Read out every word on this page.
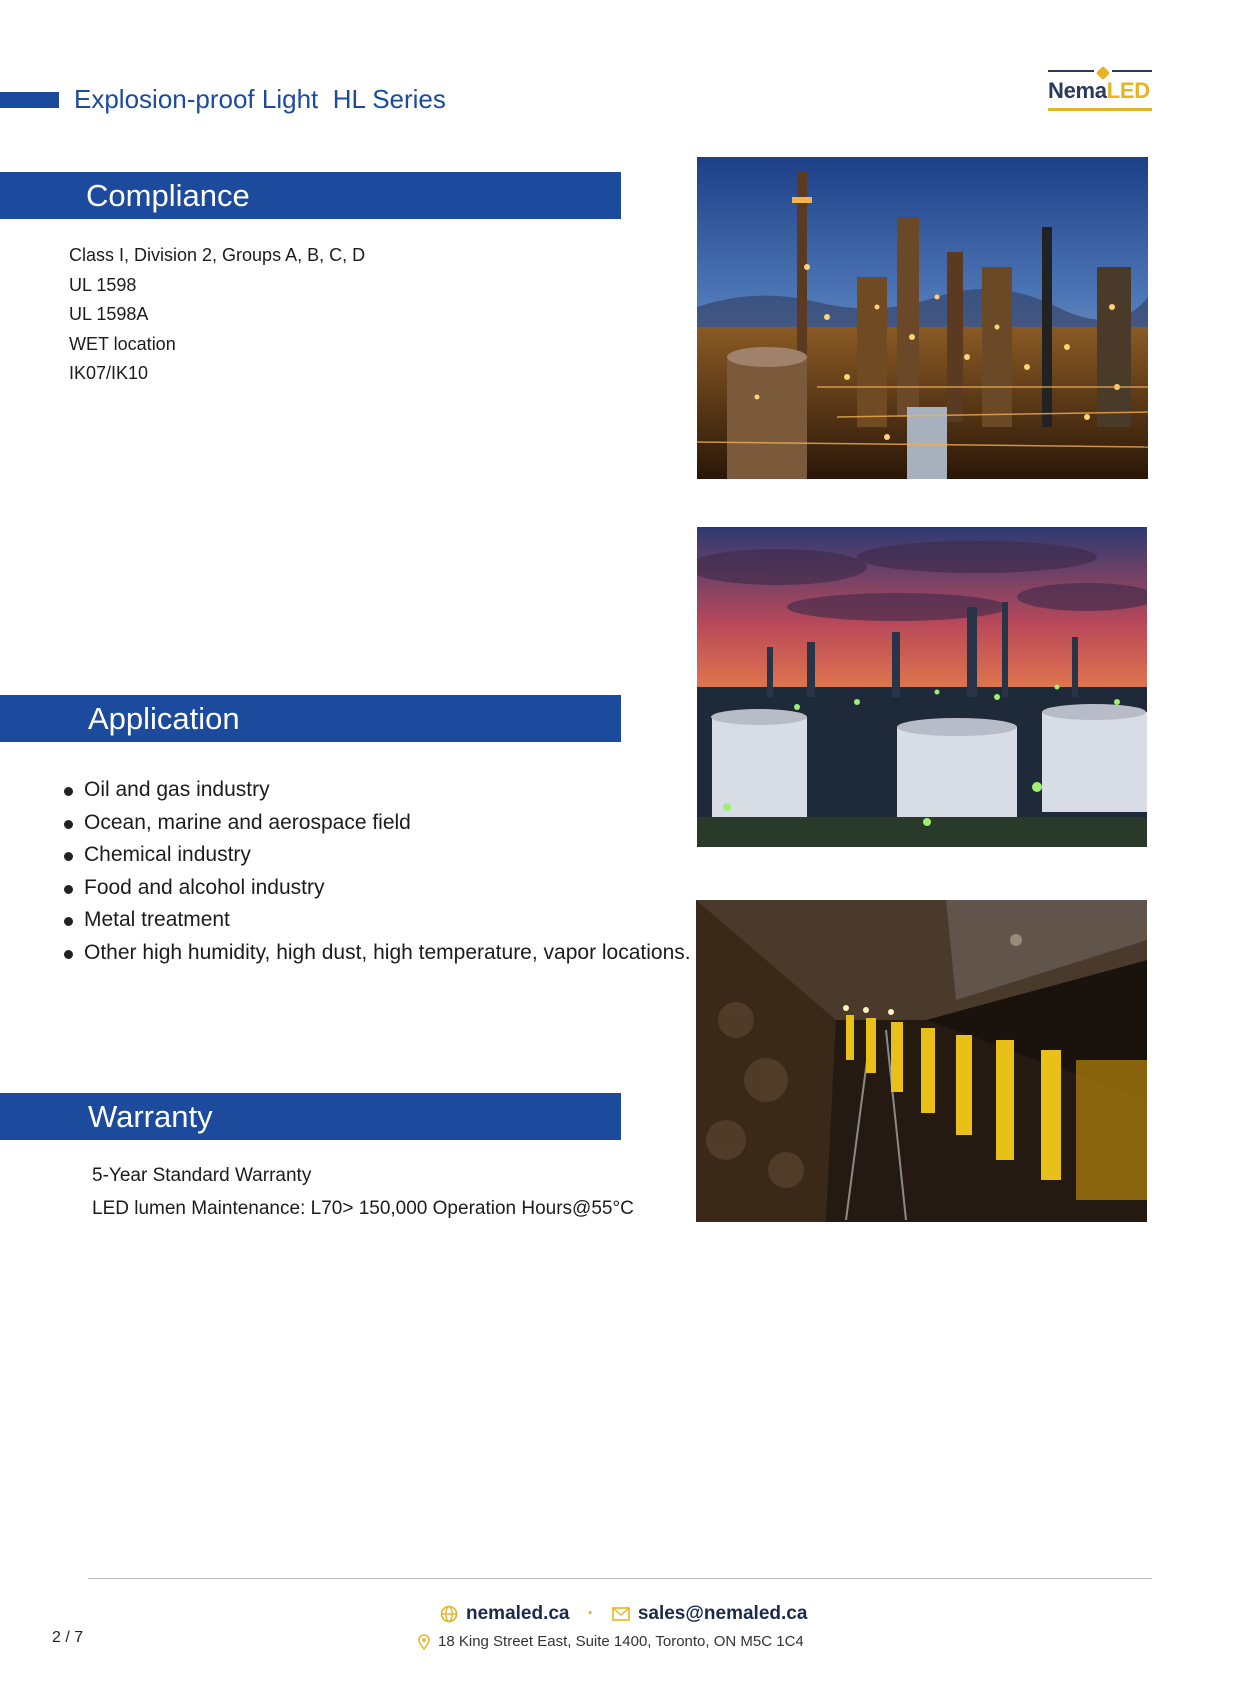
Explosion-proof Light  HL Series	NemaLED
Compliance
Class I, Division 2, Groups A, B, C, D
UL 1598
UL 1598A
WET location
IK07/IK10
Application
Oil and gas industry
Ocean, marine and aerospace field
Chemical industry
Food and alcohol industry
Metal treatment
Other high humidity, high dust, high temperature, vapor locations.
Warranty
5-Year Standard Warranty
LED lumen Maintenance: L70> 150,000 Operation Hours@55°C
nemaled.ca · sales@nemaled.ca
18 King Street East, Suite 1400, Toronto, ON M5C 1C4
2 / 7
